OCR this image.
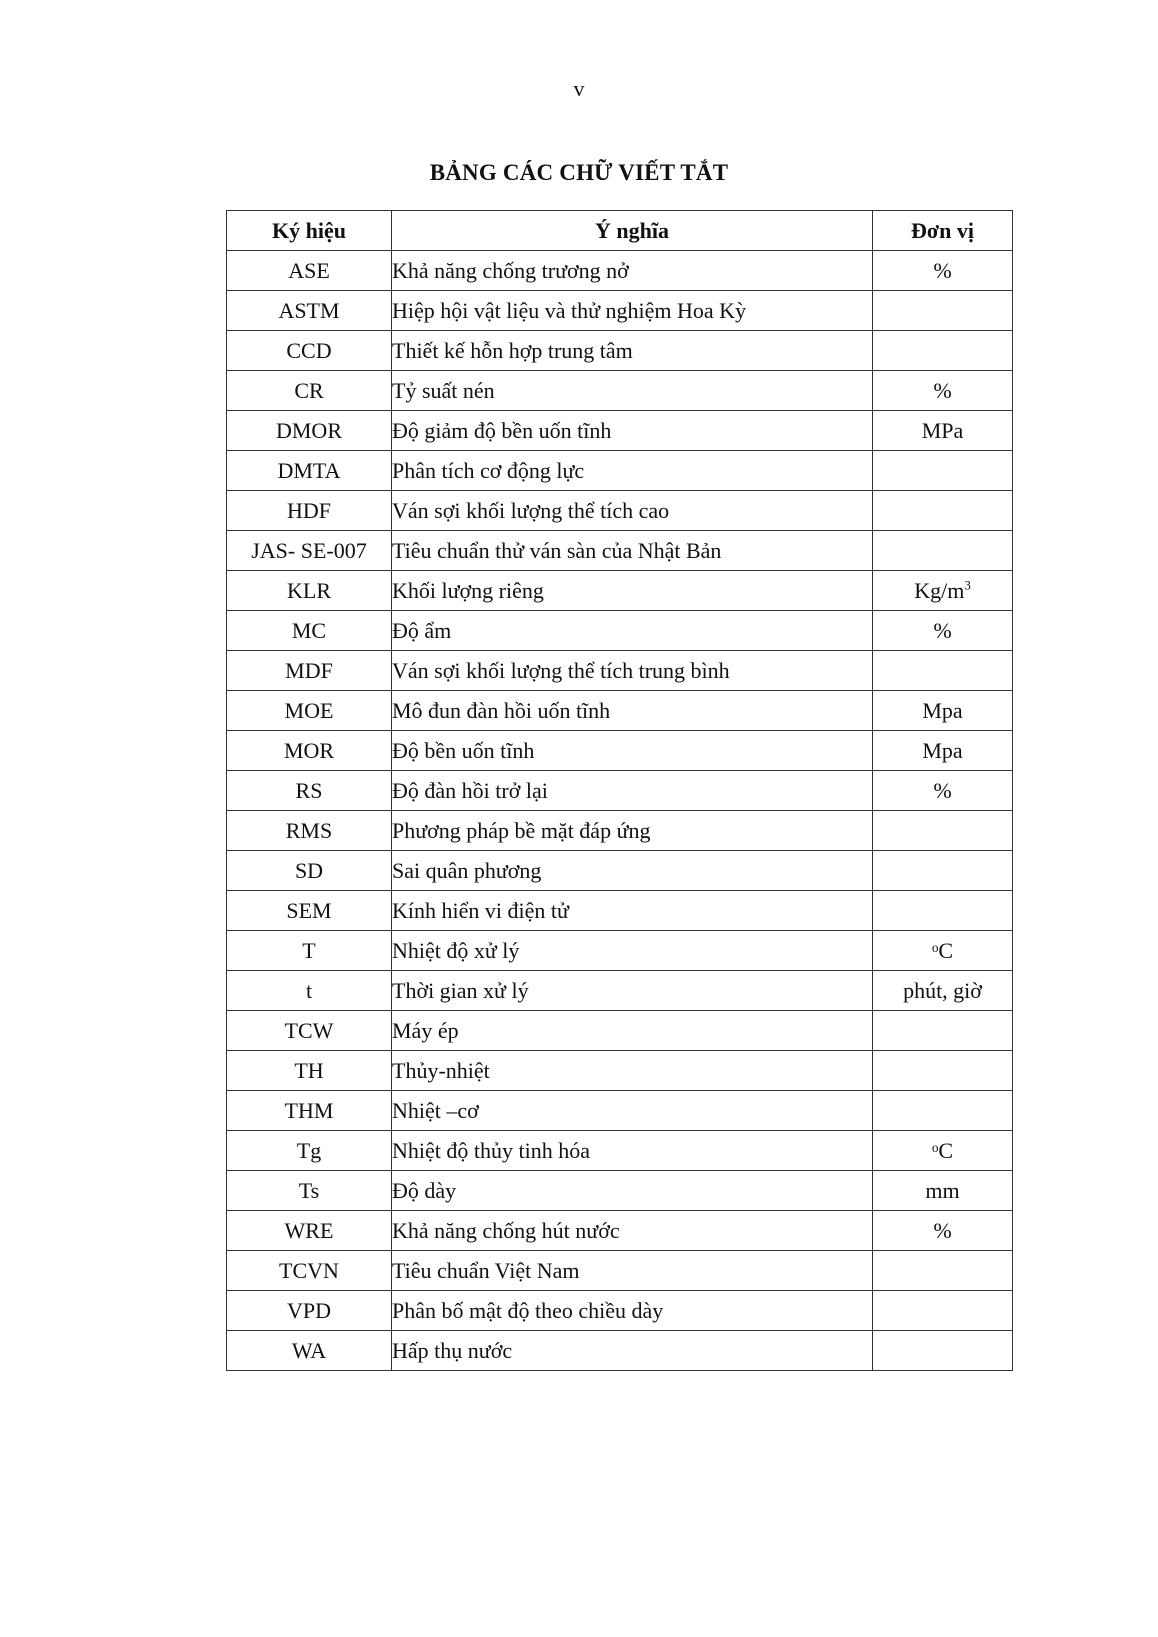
v
BẢNG CÁC CHỮ VIẾT TẮT
Ký hiệu	Ý nghĩa	Đơn vị
ASE	Khả năng chống trương nở	%
ASTM	Hiệp hội vật liệu và thử nghiệm Hoa Kỳ	
CCD	Thiết kế hỗn hợp trung tâm	
CR	Tỷ suất nén	%
DMOR	Độ giảm độ bền uốn tĩnh	MPa
DMTA	Phân tích cơ động lực	
HDF	Ván sợi khối lượng thể tích cao	
JAS- SE-007	Tiêu chuẩn thử ván sàn của Nhật Bản	
KLR	Khối lượng riêng	$Kg/m^3$
MC	Độ ẩm	%
MDF	Ván sợi khối lượng thể tích trung bình	
MOE	Mô đun đàn hồi uốn tĩnh	Mpa
MOR	Độ bền uốn tĩnh	Mpa
RS	Độ đàn hồi trở lại	%
RMS	Phương pháp bề mặt đáp ứng	
SD	Sai quân phương	
SEM	Kính hiển vi điện tử	
T	Nhiệt độ xử lý	ᵒC
t	Thời gian xử lý	phút, giờ
TCW	Máy ép	
TH	Thủy-nhiệt	
THM	Nhiệt –cơ	
Tg	Nhiệt độ thủy tinh hóa	ᵒC
Ts	Độ dày	mm
WRE	Khả năng chống hút nước	%
TCVN	Tiêu chuẩn Việt Nam	
VPD	Phân bố mật độ theo chiều dày	
WA	Hấp thụ nước	
